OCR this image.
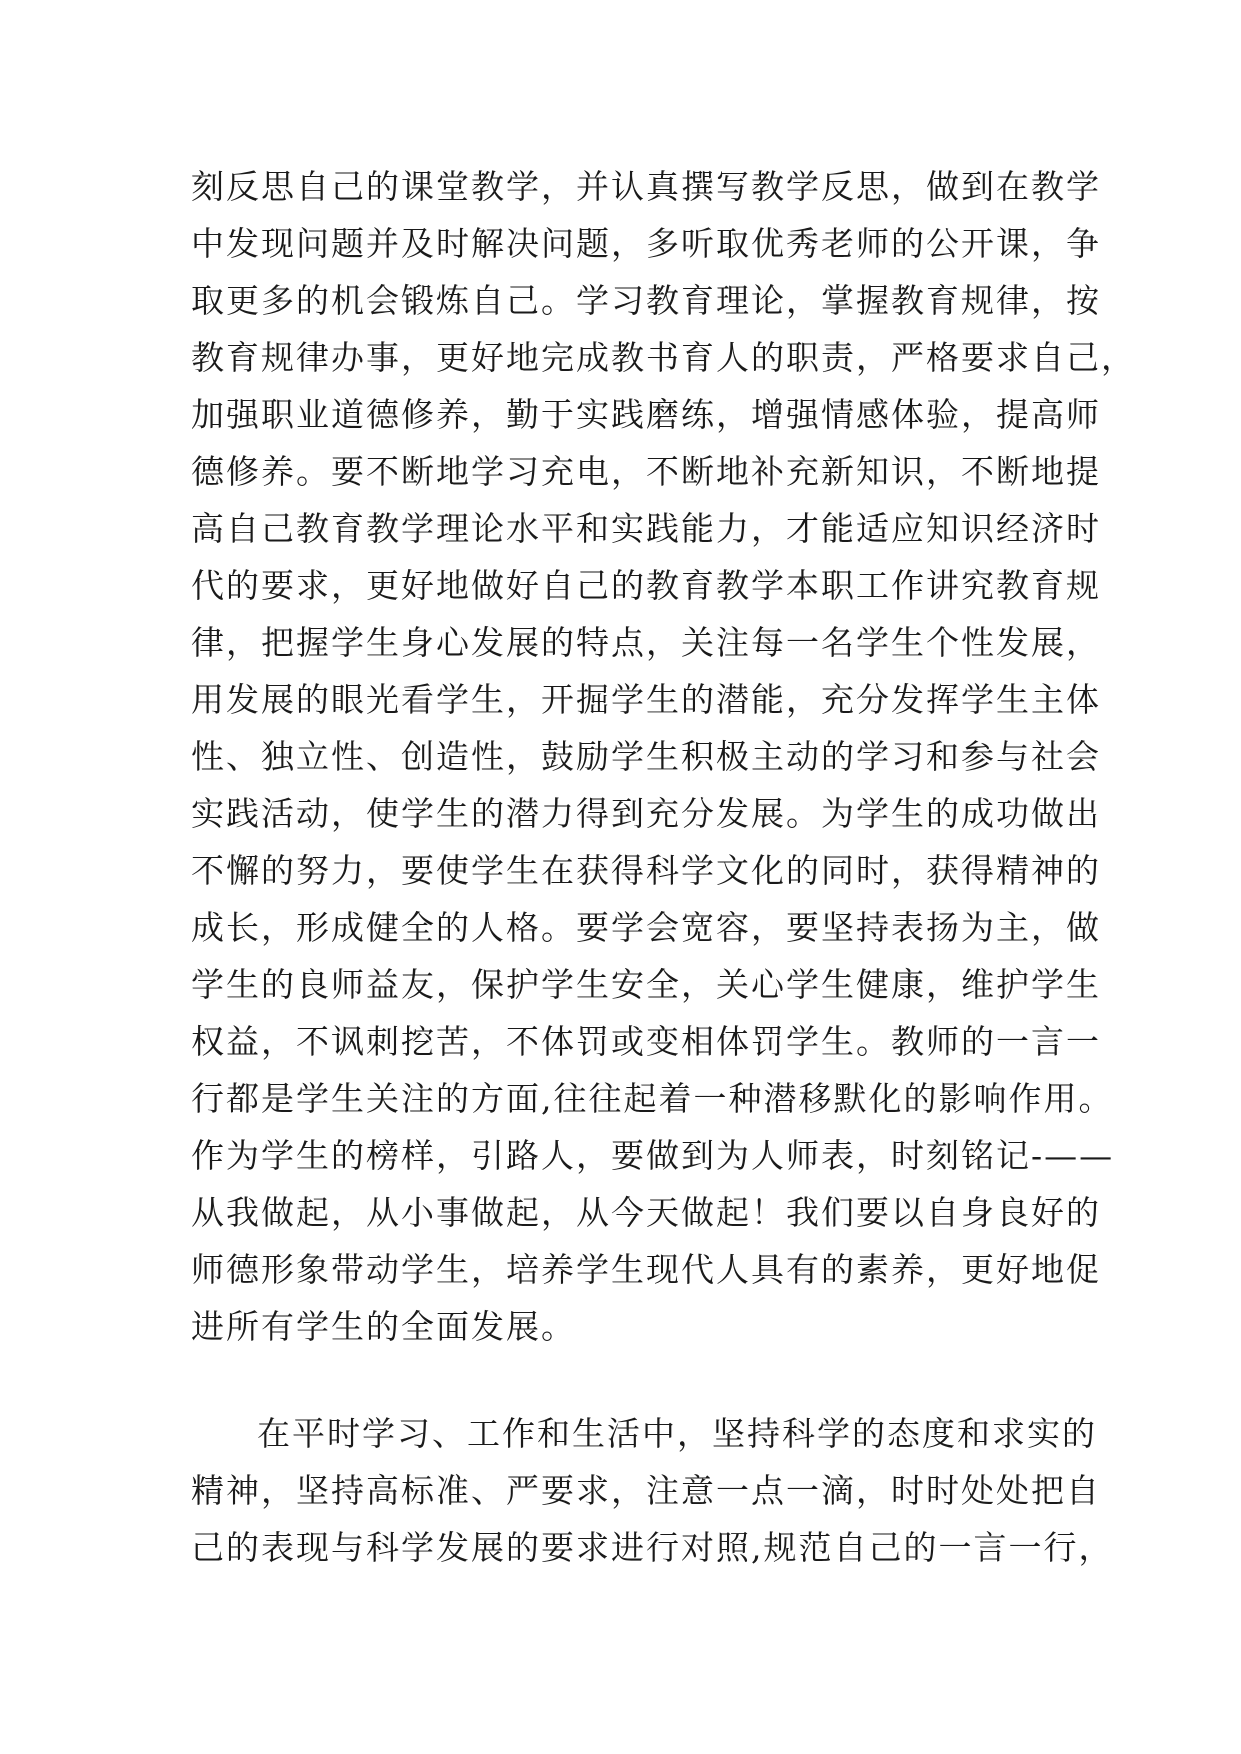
刻反思自己的课堂教学，并认真撰写教学反思，做到在教学
中发现问题并及时解决问题，多听取优秀老师的公开课，争
取更多的机会锻炼自己。学习教育理论，掌握教育规律，按
教育规律办事，更好地完成教书育人的职责，严格要求自己，
加强职业道德修养，勤于实践磨练，增强情感体验，提高师
德修养。要不断地学习充电，不断地补充新知识，不断地提
高自己教育教学理论水平和实践能力，才能适应知识经济时
代的要求，更好地做好自己的教育教学本职工作讲究教育规
律，把握学生身心发展的特点，关注每一名学生个性发展，
用发展的眼光看学生，开掘学生的潜能，充分发挥学生主体
性、独立性、创造性，鼓励学生积极主动的学习和参与社会
实践活动，使学生的潜力得到充分发展。为学生的成功做出
不懈的努力，要使学生在获得科学文化的同时，获得精神的
成长，形成健全的人格。要学会宽容，要坚持表扬为主，做
学生的良师益友，保护学生安全，关心学生健康，维护学生
权益，不讽刺挖苦，不体罚或变相体罚学生。教师的一言一
行都是学生关注的方面,往往起着一种潜移默化的影响作用。
作为学生的榜样，引路人，要做到为人师表，时刻铭记-——
从我做起，从小事做起，从今天做起！我们要以自身良好的
师德形象带动学生，培养学生现代人具有的素养，更好地促
进所有学生的全面发展。
在平时学习、工作和生活中，坚持科学的态度和求实的
精神，坚持高标准、严要求，注意一点一滴，时时处处把自
己的表现与科学发展的要求进行对照,规范自己的一言一行，
